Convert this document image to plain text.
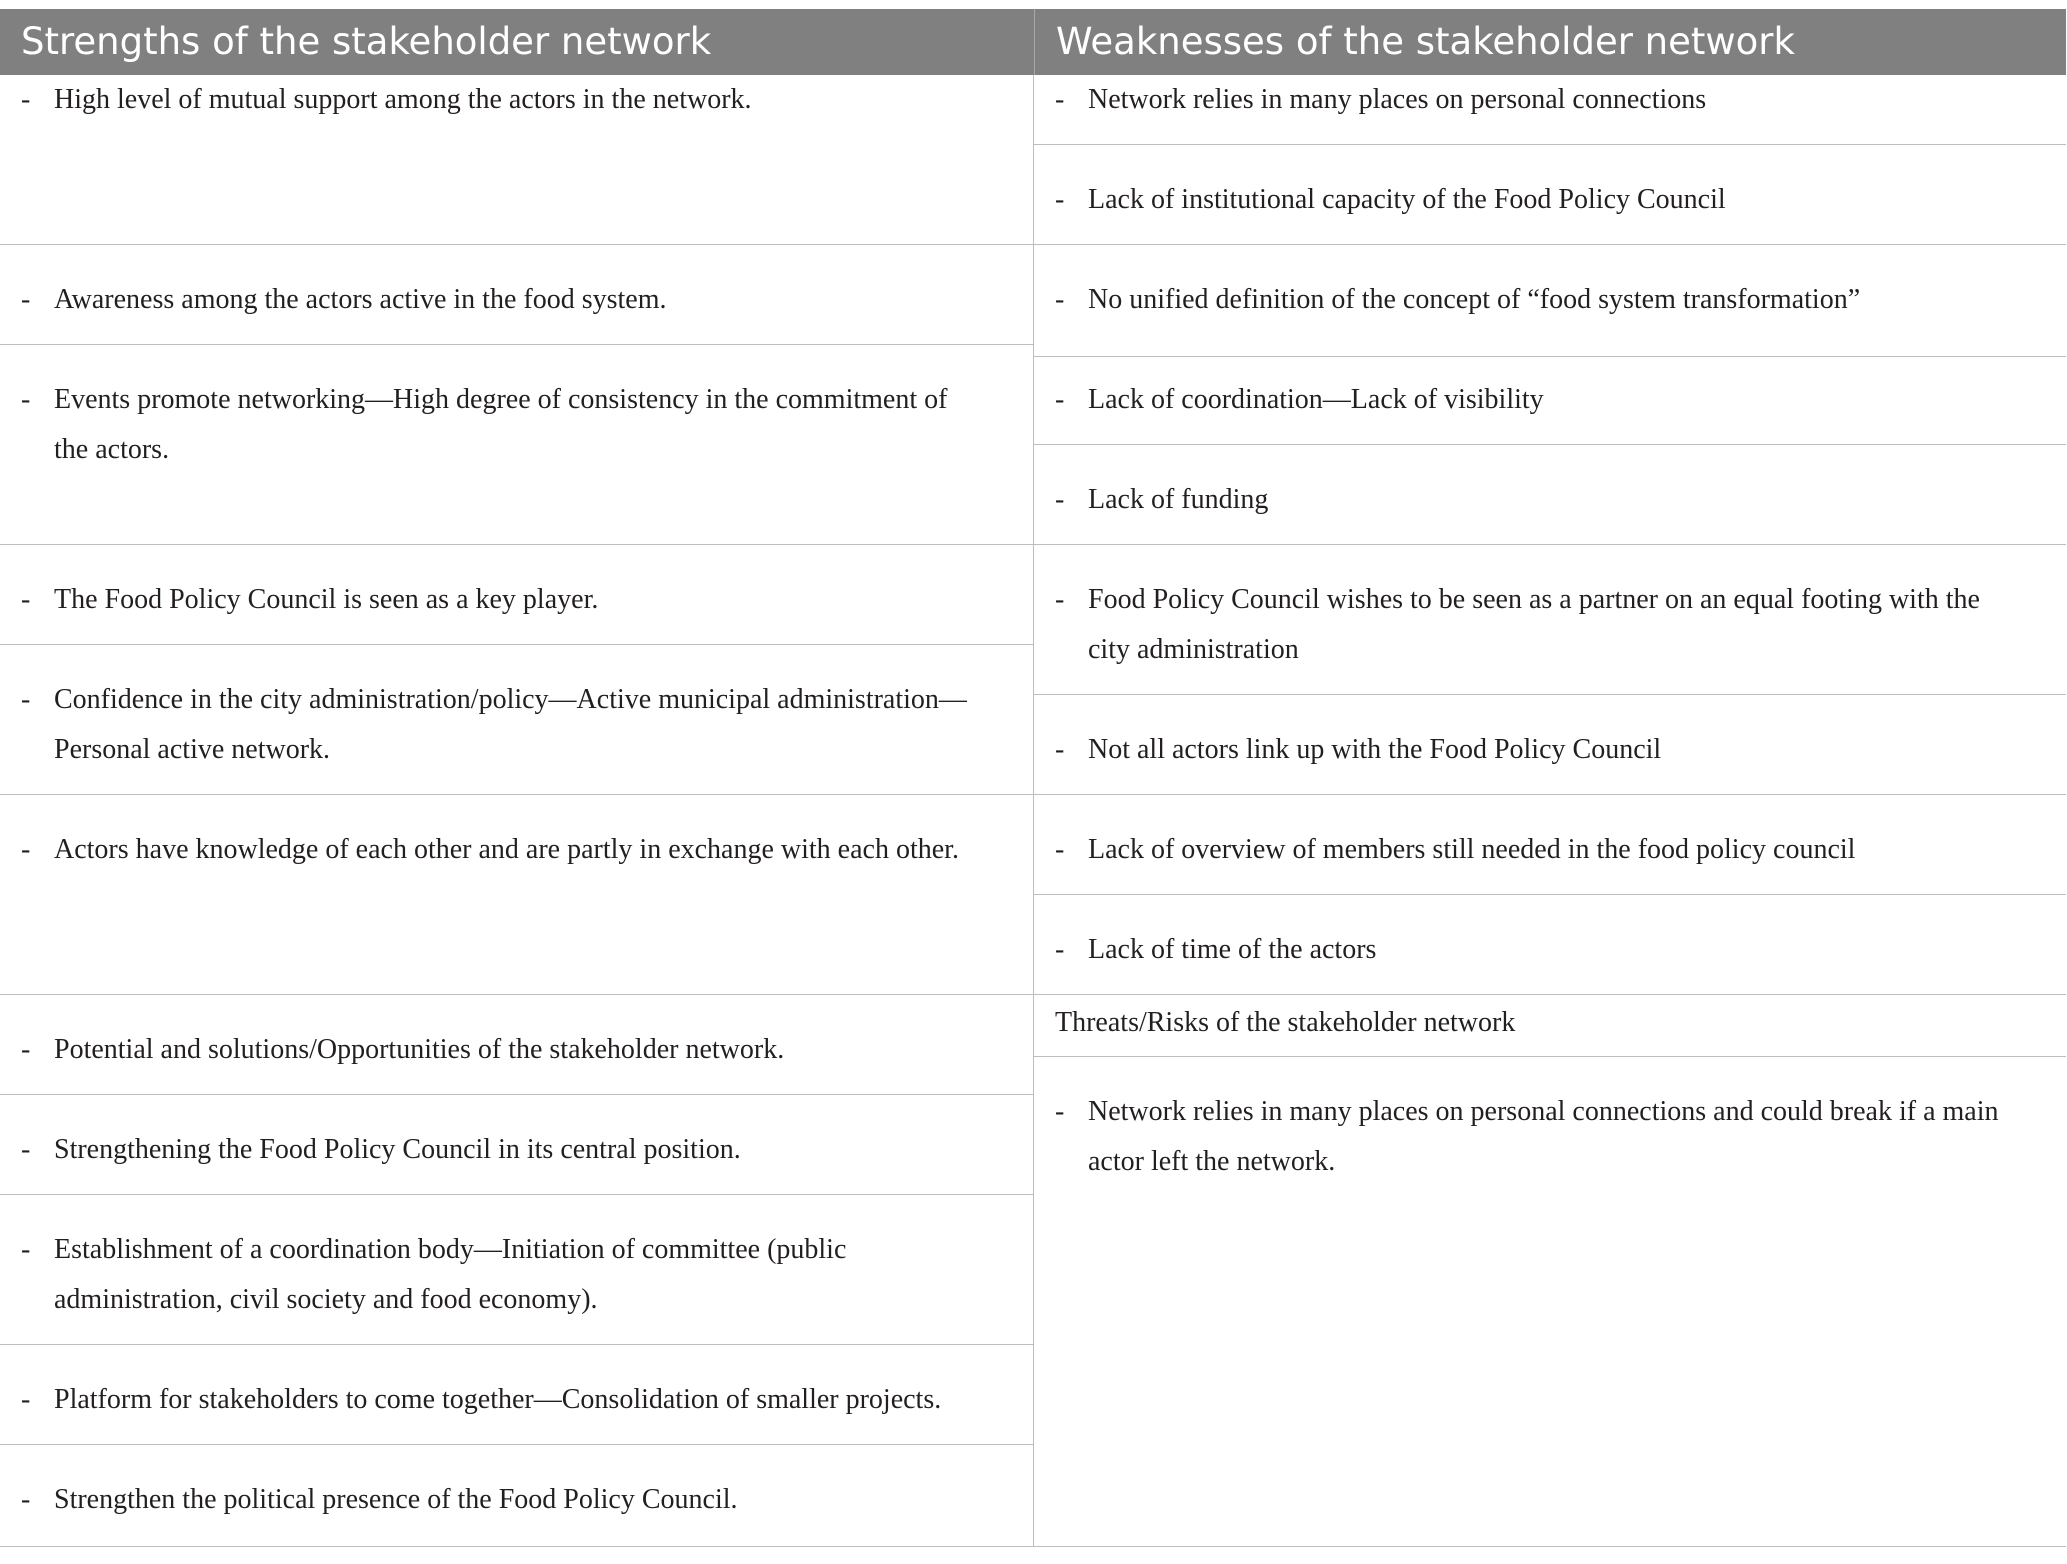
Strengths of the stakeholder network	Weaknesses of the stakeholder network
- High level of mutual support among the actors in the network.
- Awareness among the actors active in the food system.
- Events promote networking—High degree of consistency in the commitment of
the actors.
- The Food Policy Council is seen as a key player.
- Confidence in the city administration/policy—Active municipal administration—
Personal active network.
- Actors have knowledge of each other and are partly in exchange with each other.
- Potential and solutions/Opportunities of the stakeholder network.
- Strengthening the Food Policy Council in its central position.
- Establishment of a coordination body—Initiation of committee (public
administration, civil society and food economy).
- Platform for stakeholders to come together—Consolidation of smaller projects.
- Strengthen the political presence of the Food Policy Council.
- Network relies in many places on personal connections
- Lack of institutional capacity of the Food Policy Council
- No unified definition of the concept of “food system transformation”
- Lack of coordination—Lack of visibility
- Lack of funding
- Food Policy Council wishes to be seen as a partner on an equal footing with the
city administration
- Not all actors link up with the Food Policy Council
- Lack of overview of members still needed in the food policy council
- Lack of time of the actors
Threats/Risks of the stakeholder network
- Network relies in many places on personal connections and could break if a main
actor left the network.
